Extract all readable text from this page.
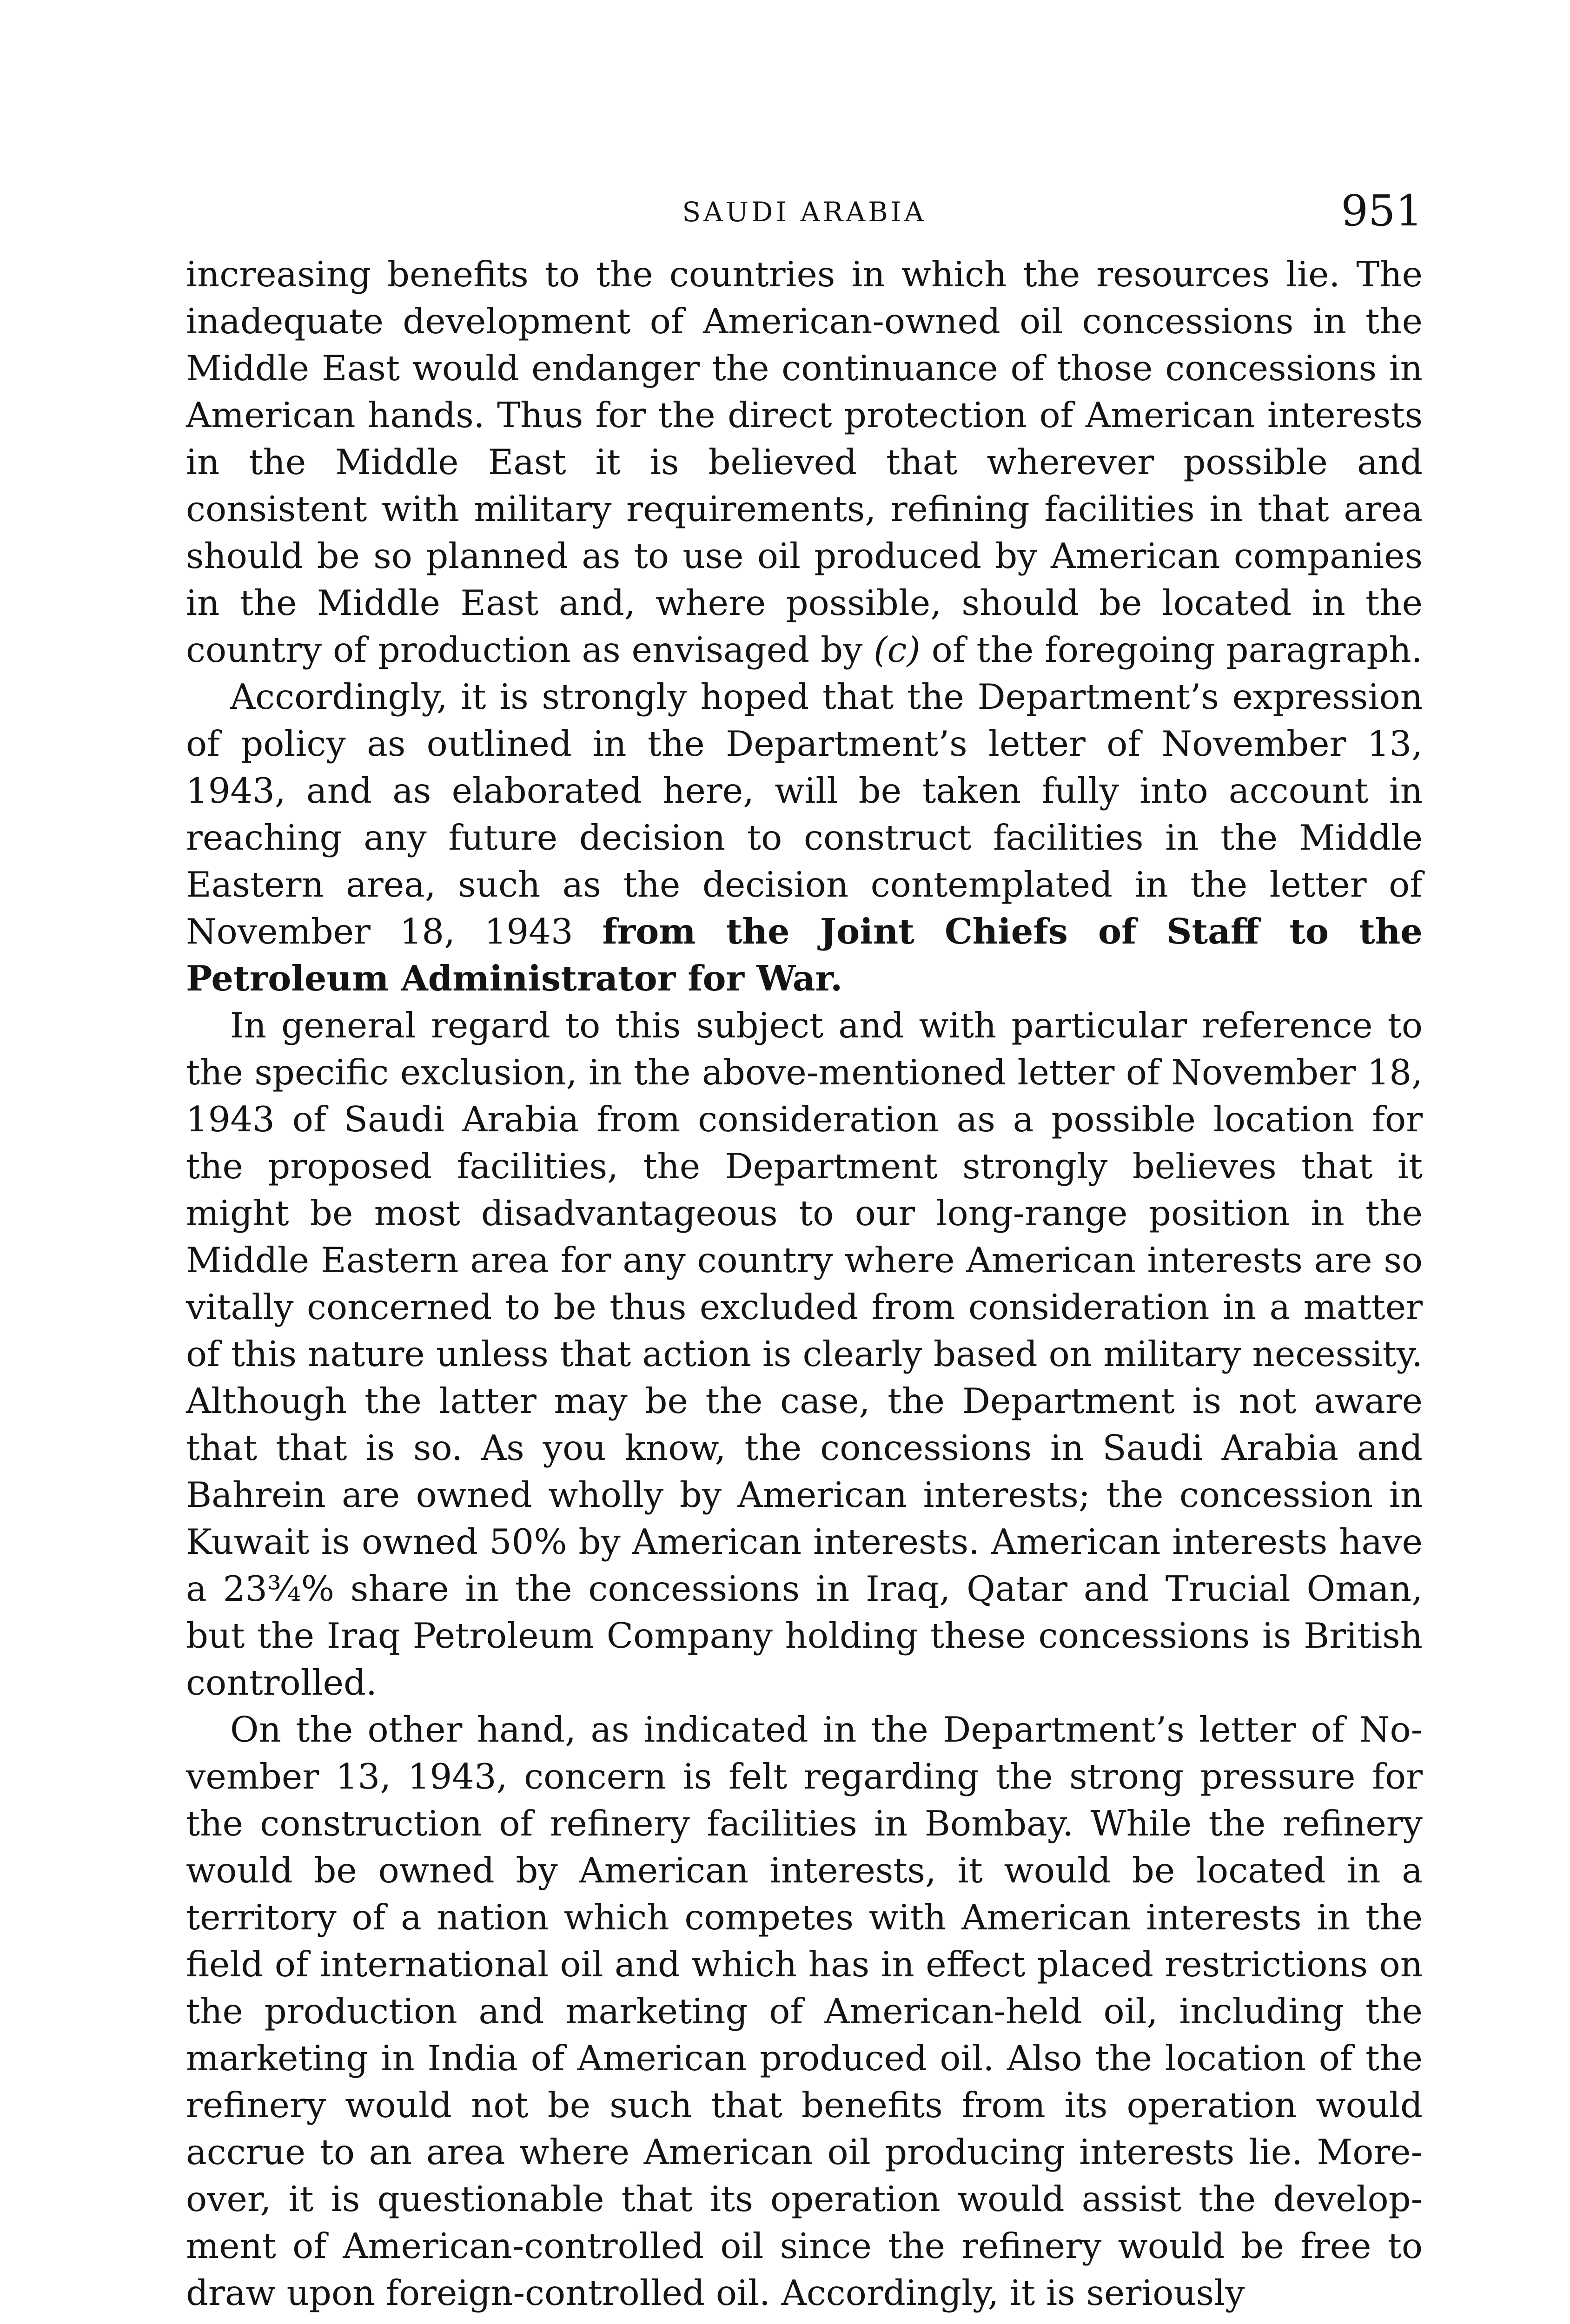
SAUDI ARABIA	951

increasing benefits to the countries in which the resources lie. The inadequate development of American-owned oil concessions in the Middle East would endanger the continuance of those concessions in American hands. Thus for the direct protection of American interests in the Middle East it is believed that wherever possible and consistent with military requirements, refining facilities in that area should be so planned as to use oil produced by American companies in the Middle East and, where possible, should be located in the country of production as envisaged by (c) of the foregoing paragraph.

Accordingly, it is strongly hoped that the Department’s expression of policy as outlined in the Department’s letter of November 13, 1943, and as elaborated here, will be taken fully into account in reaching any future decision to construct facilities in the Middle Eastern area, such as the decision contemplated in the letter of November 18, 1943 from the Joint Chiefs of Staff to the Petroleum Administrator for War.

In general regard to this subject and with particular reference to the specific exclusion, in the above-mentioned letter of November 18, 1943 of Saudi Arabia from consideration as a possible location for the proposed facilities, the Department strongly believes that it might be most disadvantageous to our long-range position in the Middle Eastern area for any country where American interests are so vitally concerned to be thus excluded from consideration in a matter of this nature unless that action is clearly based on military necessity. Although the latter may be the case, the Department is not aware that that is so. As you know, the concessions in Saudi Arabia and Bahrein are owned wholly by American interests; the concession in Kuwait is owned 50% by American interests. American interests have a 23¾% share in the concessions in Iraq, Qatar and Trucial Oman, but the Iraq Petroleum Company holding these concessions is British controlled.

On the other hand, as indicated in the Department’s letter of November 13, 1943, concern is felt regarding the strong pressure for the construction of refinery facilities in Bombay. While the refinery would be owned by American interests, it would be located in a territory of a nation which competes with American interests in the field of international oil and which has in effect placed restrictions on the production and marketing of American-held oil, including the marketing in India of American produced oil. Also the location of the refinery would not be such that benefits from its operation would accrue to an area where American oil producing interests lie. Moreover, it is questionable that its operation would assist the development of American-controlled oil since the refinery would be free to draw upon foreign-controlled oil. Accordingly, it is seriously
